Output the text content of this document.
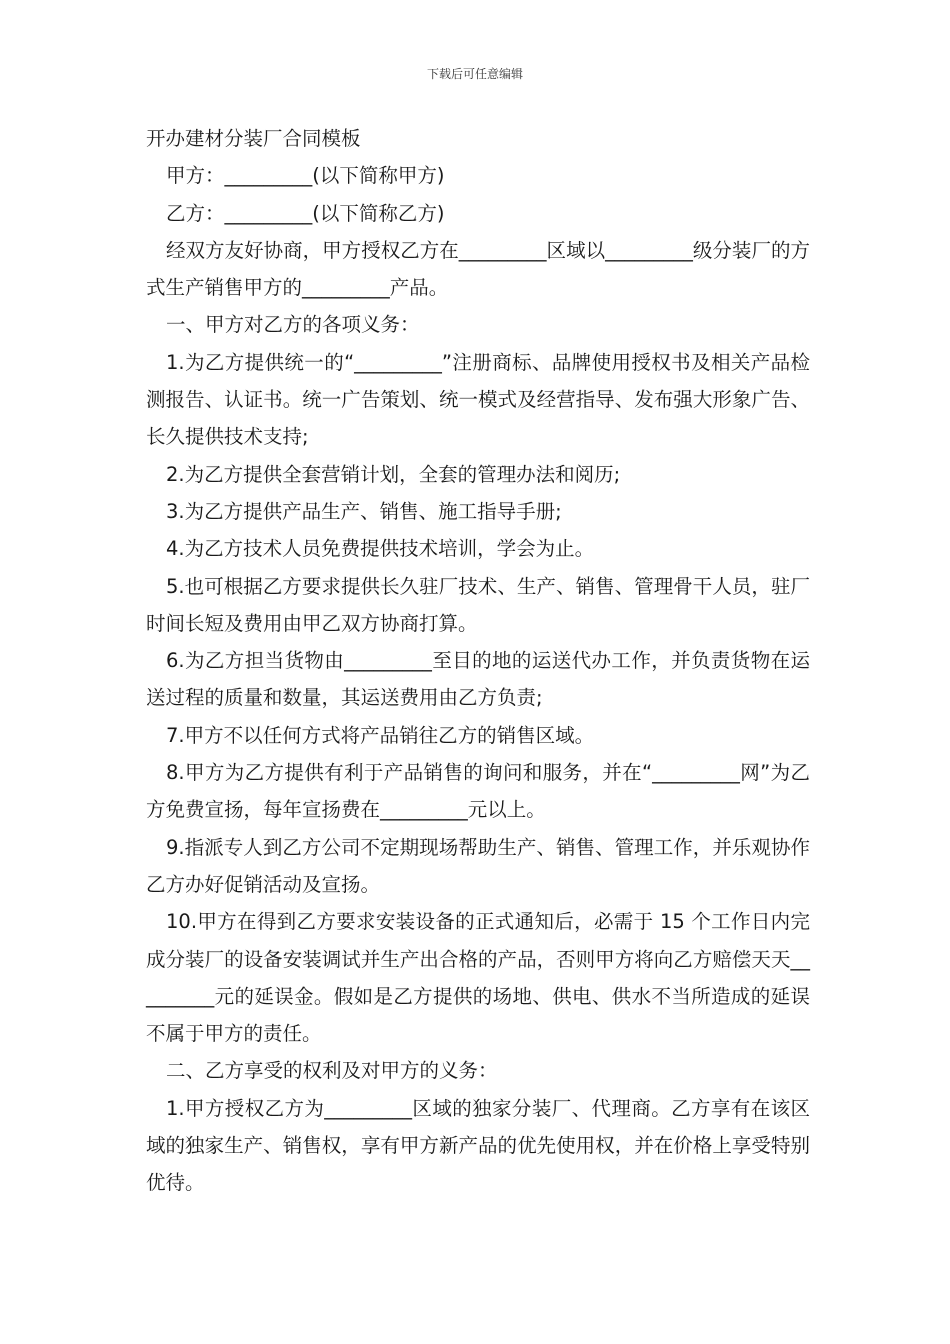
下载后可任意编辑

开办建材分装厂合同模板

甲方：_________(以下简称甲方)

乙方：_________(以下简称乙方)

经双方友好协商，甲方授权乙方在_________区域以_________级分装厂的方式生产销售甲方的_________产品。

一、甲方对乙方的各项义务：

1.为乙方提供统一的“_________”注册商标、品牌使用授权书及相关产品检测报告、认证书。统一广告策划、统一模式及经营指导、发布强大形象广告、长久提供技术支持;

2.为乙方提供全套营销计划，全套的管理办法和阅历;

3.为乙方提供产品生产、销售、施工指导手册;

4.为乙方技术人员免费提供技术培训，学会为止。

5.也可根据乙方要求提供长久驻厂技术、生产、销售、管理骨干人员，驻厂时间长短及费用由甲乙双方协商打算。

6.为乙方担当货物由_________至目的地的运送代办工作，并负责货物在运送过程的质量和数量，其运送费用由乙方负责;

7.甲方不以任何方式将产品销往乙方的销售区域。

8.甲方为乙方提供有利于产品销售的询问和服务，并在“_________网”为乙方免费宣扬，每年宣扬费在_________元以上。

9.指派专人到乙方公司不定期现场帮助生产、销售、管理工作，并乐观协作乙方办好促销活动及宣扬。

10.甲方在得到乙方要求安装设备的正式通知后，必需于 15 个工作日内完成分装厂的设备安装调试并生产出合格的产品，否则甲方将向乙方赔偿天天_________元的延误金。假如是乙方提供的场地、供电、供水不当所造成的延误不属于甲方的责任。

二、乙方享受的权利及对甲方的义务：

1.甲方授权乙方为_________区域的独家分装厂、代理商。乙方享有在该区域的独家生产、销售权，享有甲方新产品的优先使用权，并在价格上享受特别优待。
